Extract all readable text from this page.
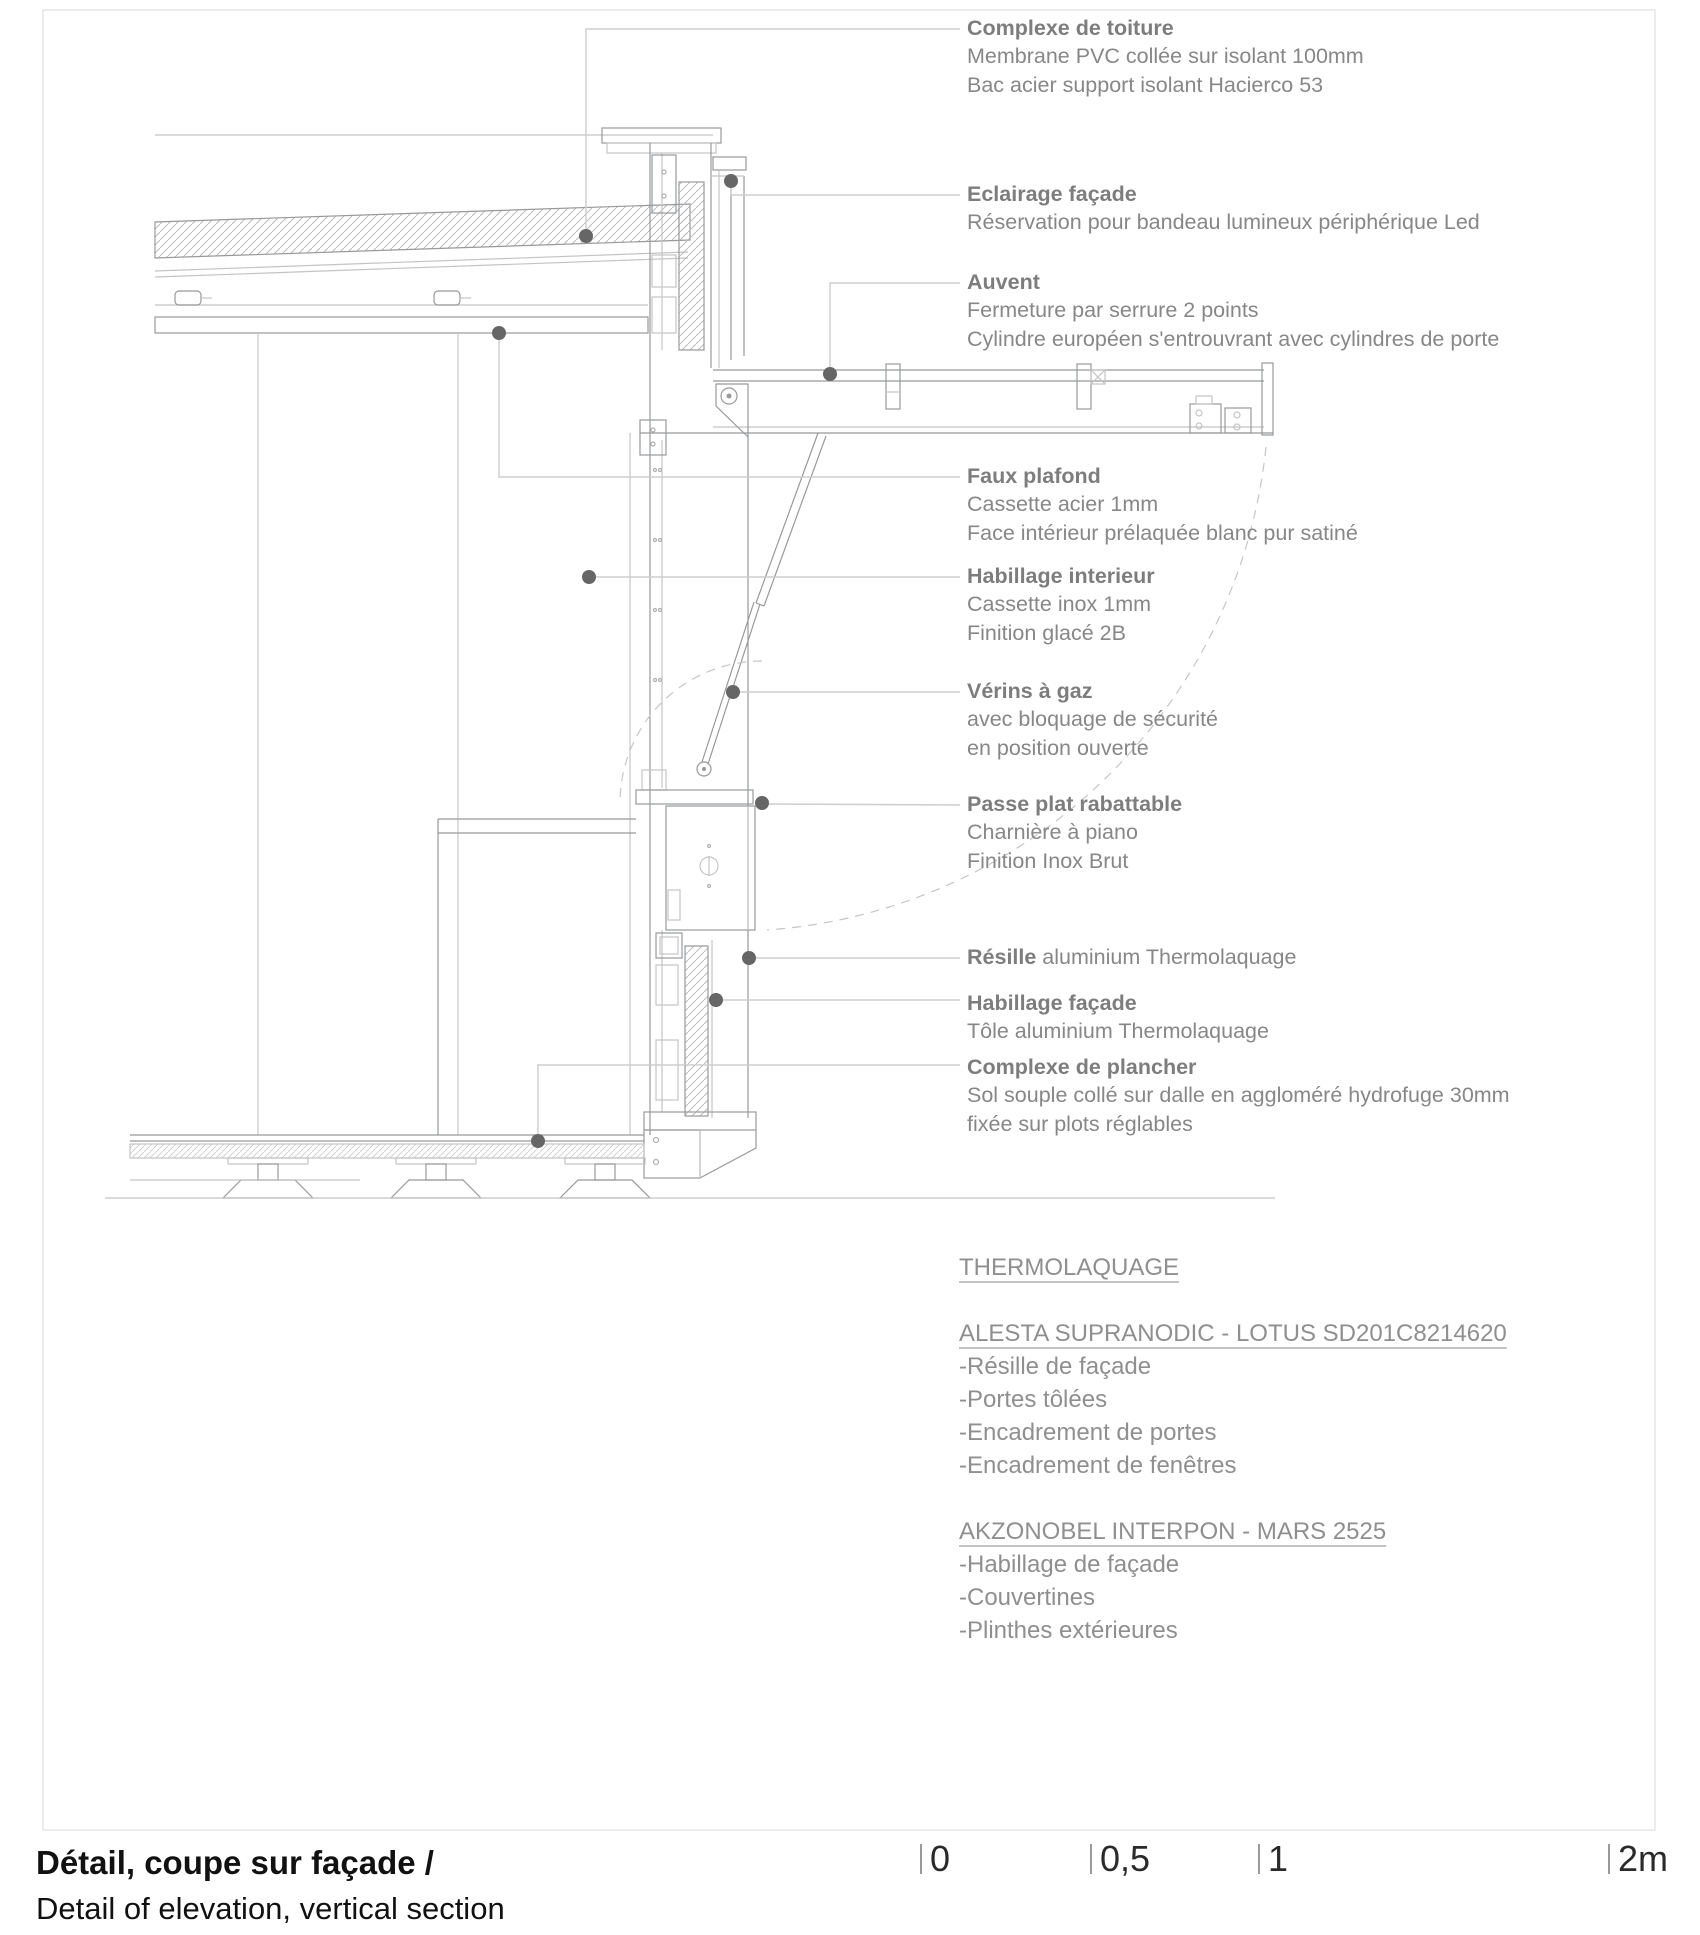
Complexe de toiture
Membrane PVC collée sur isolant 100mm
Bac acier support isolant Hacierco 53
Eclairage façade
Réservation pour bandeau lumineux périphérique Led
Auvent
Fermeture par serrure 2 points
Cylindre européen s'entrouvrant avec cylindres de porte
Faux plafond
Cassette acier 1mm
Face intérieur prélaquée blanc pur satiné
Habillage interieur
Cassette inox 1mm
Finition glacé 2B
Vérins à gaz
avec bloquage de sécurité
en position ouverte
Passe plat rabattable
Charnière à piano
Finition Inox Brut
Résille aluminium Thermolaquage
Habillage façade
Tôle aluminium Thermolaquage
Complexe de plancher
Sol souple collé sur dalle en aggloméré hydrofuge 30mm
fixée sur plots réglables
THERMOLAQUAGE
ALESTA SUPRANODIC - LOTUS SD201C8214620
-Résille de façade
-Portes tôlées
-Encadrement de portes
-Encadrement de fenêtres
AKZONOBEL INTERPON - MARS 2525
-Habillage de façade
-Couvertines
-Plinthes extérieures
Détail, coupe sur façade /
Detail of elevation, vertical section
0	0,5	1	2m
